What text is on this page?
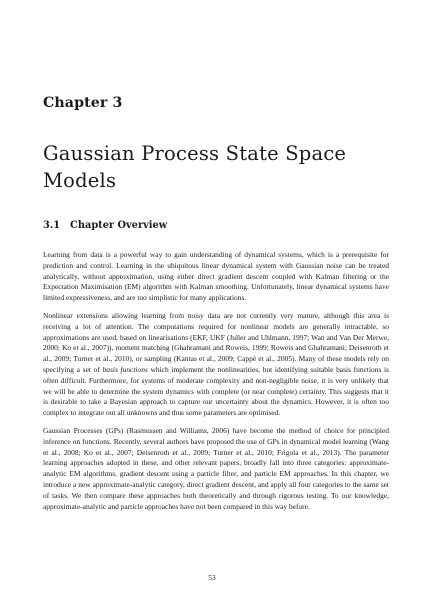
Chapter 3
Gaussian Process State Space Models
3.1 Chapter Overview

Learning from data is a powerful way to gain understanding of dynamical systems, which is a prerequisite for prediction and control. Learning in the ubiquitous linear dynamical system with Gaussian noise can be treated analytically, without approximation, using either direct gradient descent coupled with Kalman filtering or the Expectation Maximisation (EM) algorithm with Kalman smoothing. Unfortunately, linear dynamical systems have limited expressiveness, and are too simplistic for many applications.

Nonlinear extensions allowing learning from noisy data are not currently very mature, although this area is receiving a lot of attention. The computations required for nonlinear models are generally intractable, so approximations are used, based on linearisations (EKF, UKF (Juller and Uhlmann, 1997; Wan and Van Der Merwe, 2000; Ko et al., 2007)), moment matching (Ghahramani and Roweis, 1999; Roweis and Ghahramani; Deisenroth et al., 2009; Turner et al., 2010), or sampling (Kantas et al., 2009; Cappé et al., 2005). Many of these models rely on specifying a set of basis functions which implement the nonlinearities, but identifying suitable basis functions is often difficult. Furthermore, for systems of moderate complexity and non-negligible noise, it is very unlikely that we will be able to determine the system dynamics with complete (or near complete) certainty. This suggests that it is desirable to take a Bayesian approach to capture our uncertainty about the dynamics. However, it is often too complex to integrate out all unknowns and thus some parameters are optimised.

Gaussian Processes (GPs) (Rasmussen and Williams, 2006) have become the method of choice for principled inference on functions. Recently, several authors have proposed the use of GPs in dynamical model learning (Wang et al., 2008; Ko et al., 2007; Deisenroth et al., 2009; Turner et al., 2010; Frigola et al., 2013). The parameter learning approaches adopted in these, and other relevant papers, broadly fall into three categories: approximate-analytic EM algorithms, gradient descent using a particle filter, and particle EM approaches. In this chapter, we introduce a new approximate-analytic category, direct gradient descent, and apply all four categories to the same set of tasks. We then compare these approaches both theoretically and through rigorous testing. To our knowledge, approximate-analytic and particle approaches have not been compared in this way before.

53
